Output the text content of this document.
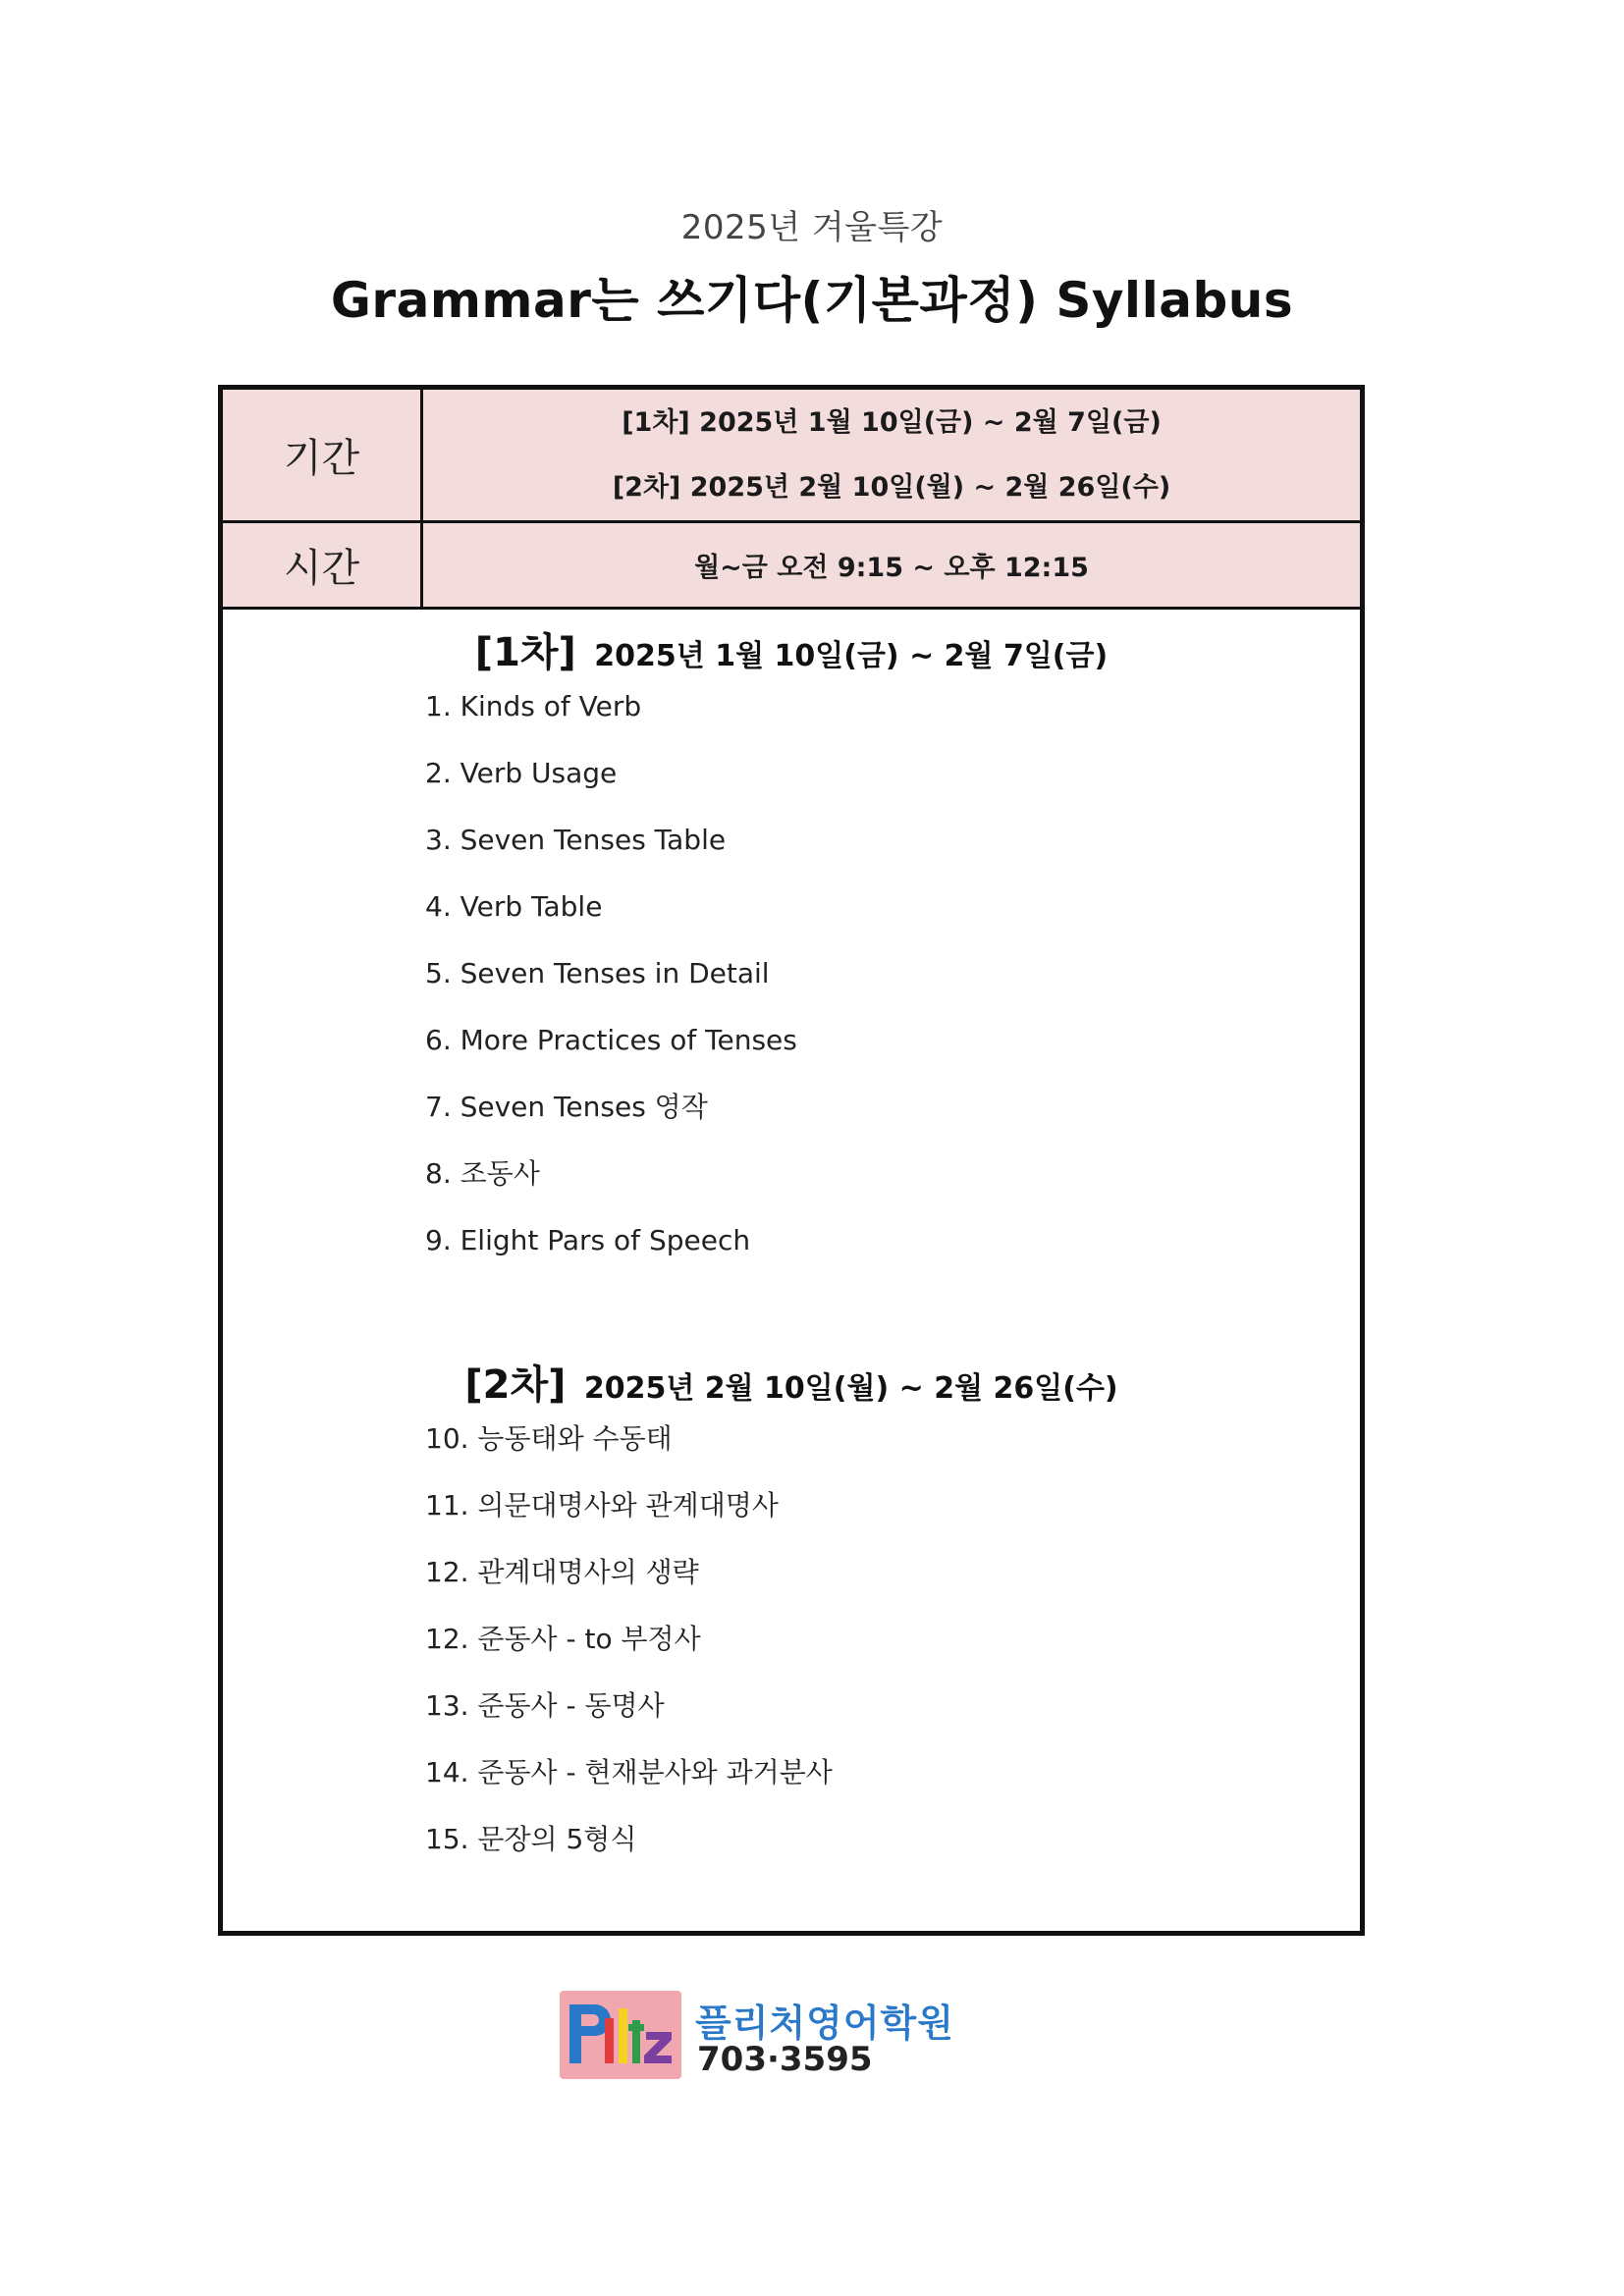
2025년 겨울특강
Grammar는 쓰기다(기본과정) Syllabus
기간
[1차] 2025년 1월 10일(금) ~ 2월 7일(금)
[2차] 2025년 2월 10일(월) ~ 2월 26일(수)
시간	월~금 오전 9:15 ~ 오후 12:15
[1차] 2025년 1월 10일(금) ~ 2월 7일(금)
1. Kinds of Verb
2. Verb Usage
3. Seven Tenses Table
4. Verb Table
5. Seven Tenses in Detail
6. More Practices of Tenses
7. Seven Tenses 영작
8. 조동사
9. Elight Pars of Speech
[2차] 2025년 2월 10일(월) ~ 2월 26일(수)
10. 능동태와 수동태
11. 의문대명사와 관계대명사
12. 관계대명사의 생략
12. 준동사 - to 부정사
13. 준동사 - 동명사
14. 준동사 - 현재분사와 과거분사
15. 문장의 5형식
플리처영어학원
703·3595
